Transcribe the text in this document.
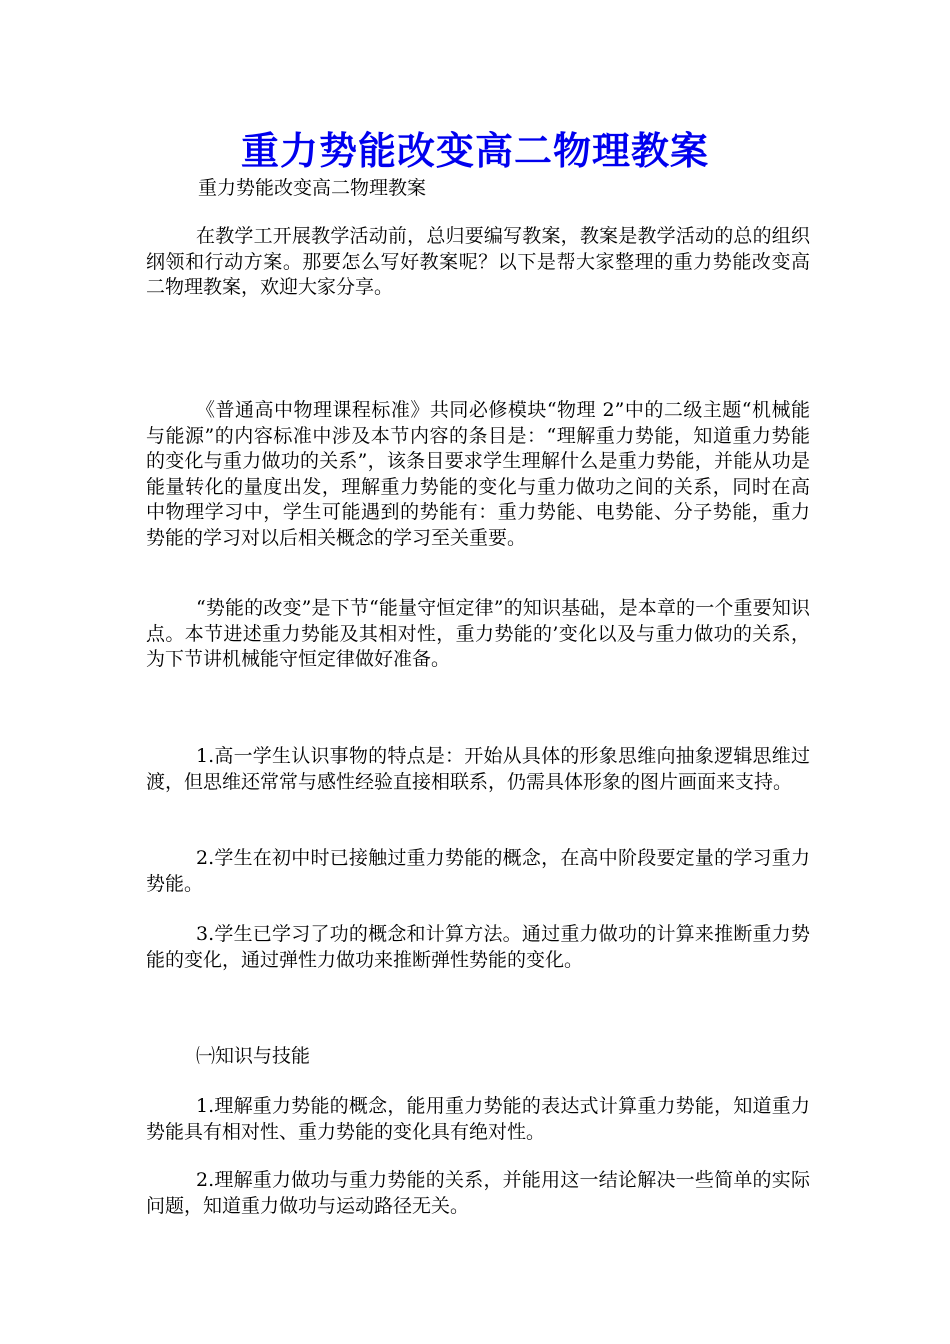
重力势能改变高二物理教案
重力势能改变高二物理教案

在教学工开展教学活动前，总归要编写教案，教案是教学活动的总的组织纲领和行动方案。那要怎么写好教案呢？以下是帮大家整理的重力势能改变高二物理教案，欢迎大家分享。

《普通高中物理课程标准》共同必修模块“物理 2”中的二级主题“机械能与能源”的内容标准中涉及本节内容的条目是：“理解重力势能，知道重力势能的变化与重力做功的关系”，该条目要求学生理解什么是重力势能，并能从功是能量转化的量度出发，理解重力势能的变化与重力做功之间的关系，同时在高中物理学习中，学生可能遇到的势能有：重力势能、电势能、分子势能，重力势能的学习对以后相关概念的学习至关重要。

“势能的改变”是下节“能量守恒定律”的知识基础，是本章的一个重要知识点。本节进述重力势能及其相对性，重力势能的’变化以及与重力做功的关系，为下节讲机械能守恒定律做好准备。

1.高一学生认识事物的特点是：开始从具体的形象思维向抽象逻辑思维过渡，但思维还常常与感性经验直接相联系，仍需具体形象的图片画面来支持。

2.学生在初中时已接触过重力势能的概念，在高中阶段要定量的学习重力势能。

3.学生已学习了功的概念和计算方法。通过重力做功的计算来推断重力势能的变化，通过弹性力做功来推断弹性势能的变化。

㈠知识与技能

1.理解重力势能的概念，能用重力势能的表达式计算重力势能，知道重力势能具有相对性、重力势能的变化具有绝对性。

2.理解重力做功与重力势能的关系，并能用这一结论解决一些简单的实际问题，知道重力做功与运动路径无关。
